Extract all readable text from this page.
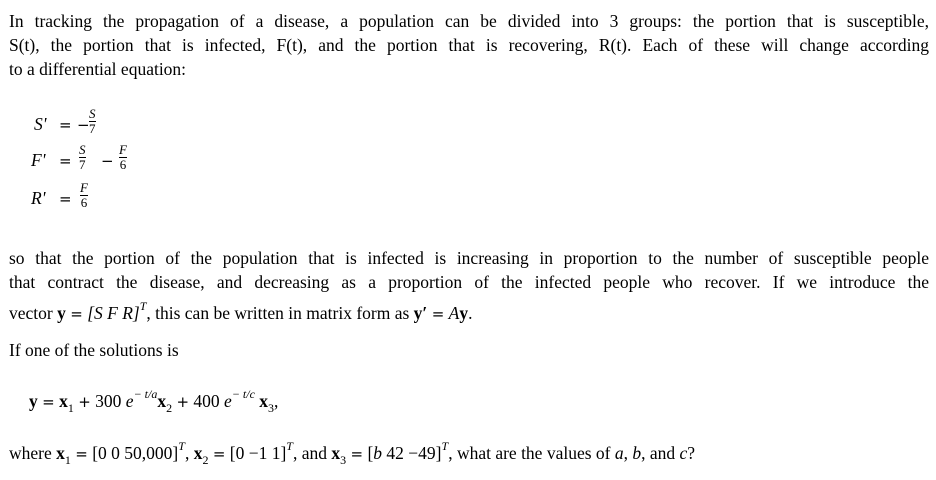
In tracking the propagation of a disease, a population can be divided into 3 groups: the portion that is susceptible,
S(t), the portion that is infected, F(t), and the portion that is recovering, R(t). Each of these will change according
to a differential equation:
S' = −
S
7
F' =
S
7 −
F
6
R' =
F
6
so that the portion of the population that is infected is increasing in proportion to the number of susceptible people
that contract the disease, and decreasing as a proportion of the infected people who recover. If we introduce the
vector y = [S F R]$^T$, this can be written in matrix form as y′ = Ay.
If one of the solutions is
$y = x_1 + 300$ $e^{- t/a}x_2 + 400$ $e^{- t/c}$ $x_3$,
where $x_1 = [0$ 0 50,000]$^T$, $x_2 = [0 -1$ 1]$^T$, and $x_3 = [b$ 42 −49]$^T$, what are the values of a, b, and c?
